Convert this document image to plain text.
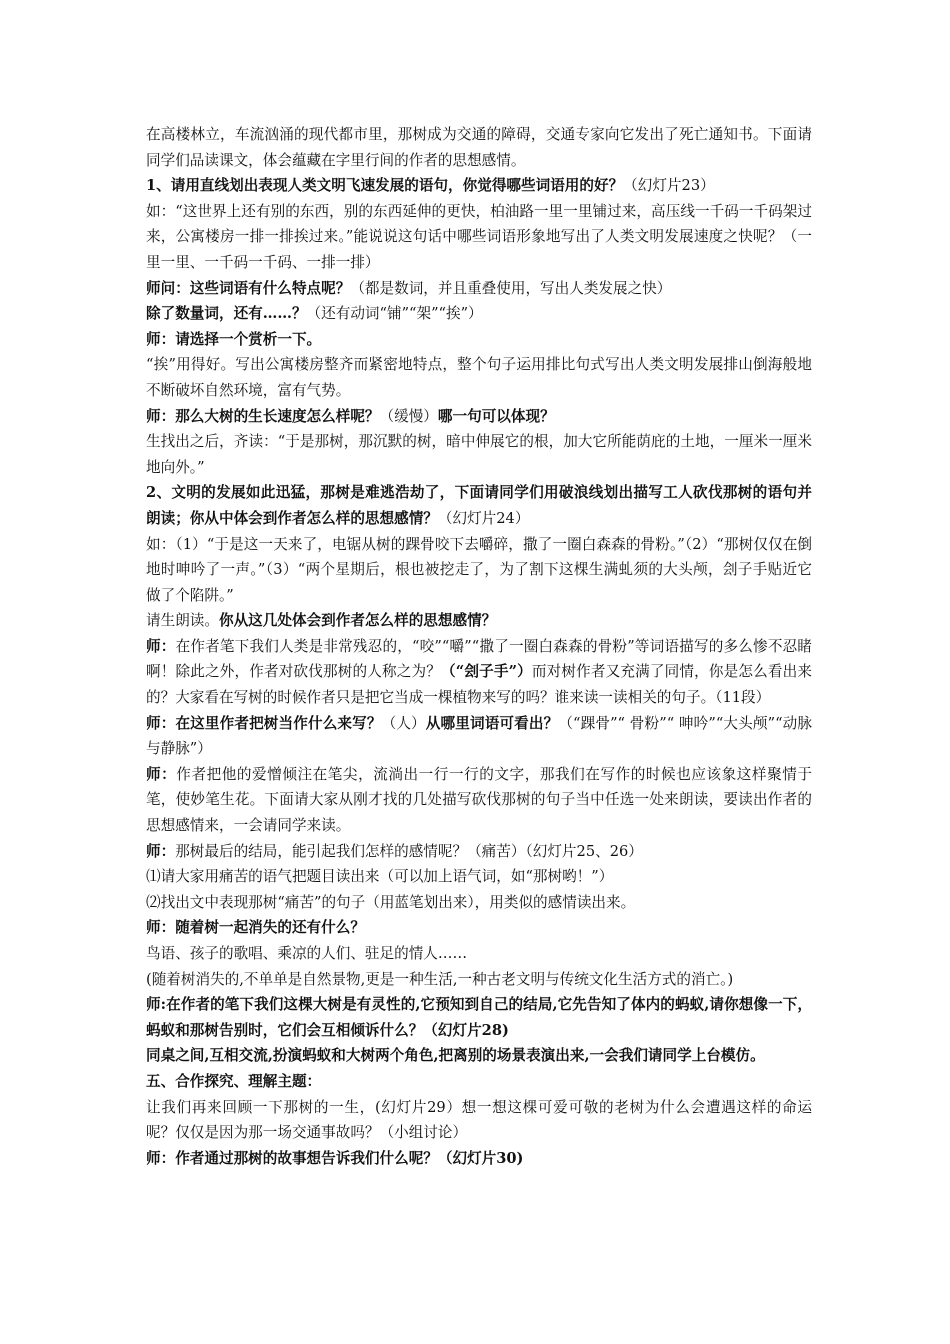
在高楼林立，车流汹涌的现代都市里，那树成为交通的障碍，交通专家向它发出了死亡通知书。下面请同学们品读课文，体会蕴藏在字里行间的作者的思想感情。

1、请用直线划出表现人类文明飞速发展的语句，你觉得哪些词语用的好？（幻灯片23）

如：“这世界上还有别的东西，别的东西延伸的更快，柏油路一里一里铺过来，高压线一千码一千码架过来，公寓楼房一排一排挨过来。”能说说这句话中哪些词语形象地写出了人类文明发展速度之快呢？（一里一里、一千码一千码、一排一排）

师问：这些词语有什么特点呢？（都是数词，并且重叠使用，写出人类发展之快）

除了数量词，还有……？（还有动词“铺”“架”“挨”）

师：请选择一个赏析一下。

“挨”用得好。写出公寓楼房整齐而紧密地特点，整个句子运用排比句式写出人类文明发展排山倒海般地不断破坏自然环境，富有气势。

师：那么大树的生长速度怎么样呢？（缓慢）哪一句可以体现？

生找出之后，齐读：“于是那树，那沉默的树，暗中伸展它的根，加大它所能荫庇的土地，一厘米一厘米地向外。”

2、文明的发展如此迅猛，那树是难逃浩劫了，下面请同学们用破浪线划出描写工人砍伐那树的语句并朗读；你从中体会到作者怎么样的思想感情？（幻灯片24）

如：（1）“于是这一天来了，电锯从树的踝骨咬下去嚼碎，撒了一圈白森森的骨粉。”（2）“那树仅仅在倒地时呻吟了一声。”（3）“两个星期后，根也被挖走了，为了割下这棵生满虬须的大头颅，刽子手贴近它做了个陷阱。”

请生朗读。你从这几处体会到作者怎么样的思想感情？

师：在作者笔下我们人类是非常残忍的，“咬”“嚼”“撒了一圈白森森的骨粉”等词语描写的多么惨不忍睹啊！除此之外，作者对砍伐那树的人称之为？（“刽子手”）而对树作者又充满了同情，你是怎么看出来的？大家看在写树的时候作者只是把它当成一棵植物来写的吗？谁来读一读相关的句子。（11段）

师：在这里作者把树当作什么来写？（人）从哪里词语可看出？（“踝骨”“ 骨粉”“ 呻吟”“大头颅”“动脉与静脉”）

师：作者把他的爱憎倾注在笔尖，流淌出一行一行的文字，那我们在写作的时候也应该象这样聚情于笔，使妙笔生花。下面请大家从刚才找的几处描写砍伐那树的句子当中任选一处来朗读，要读出作者的思想感情来，一会请同学来读。

师：那树最后的结局，能引起我们怎样的感情呢？（痛苦）（幻灯片25、26）

⑴请大家用痛苦的语气把题目读出来（可以加上语气词，如“那树哟！”）

⑵找出文中表现那树“痛苦”的句子（用蓝笔划出来），用类似的感情读出来。

师：随着树一起消失的还有什么？

鸟语、孩子的歌唱、乘凉的人们、驻足的情人……

(随着树消失的,不单单是自然景物,更是一种生活,一种古老文明与传统文化生活方式的消亡。)

师:在作者的笔下我们这棵大树是有灵性的,它预知到自己的结局,它先告知了体内的蚂蚁,请你想像一下，蚂蚁和那树告别时，它们会互相倾诉什么？（幻灯片28)

同桌之间,互相交流,扮演蚂蚁和大树两个角色,把离别的场景表演出来,一会我们请同学上台模仿。

五、合作探究、理解主题：

让我们再来回顾一下那树的一生，(幻灯片29）想一想这棵可爱可敬的老树为什么会遭遇这样的命运呢？仅仅是因为那一场交通事故吗？（小组讨论）

师：作者通过那树的故事想告诉我们什么呢？（幻灯片30)
